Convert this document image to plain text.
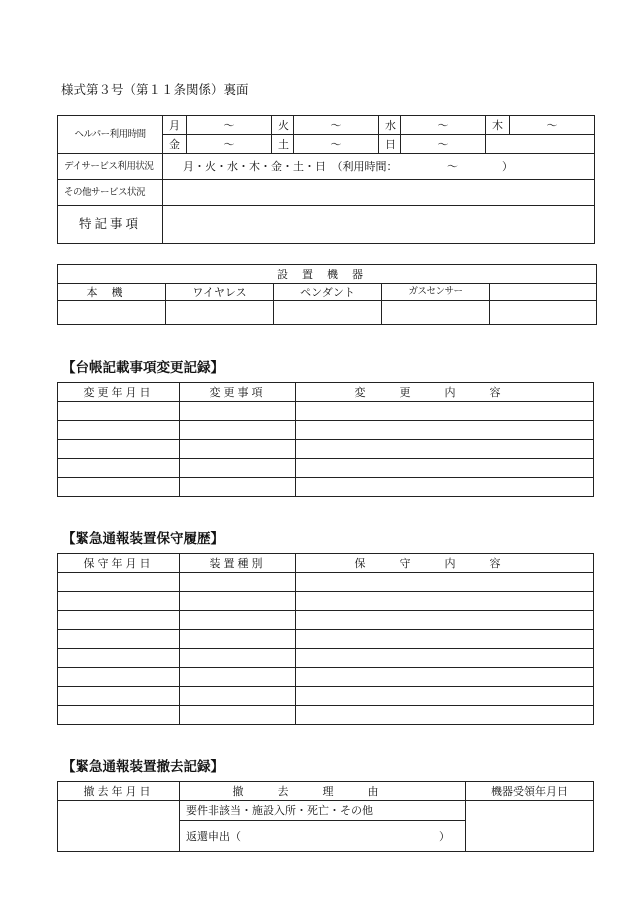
様式第３号（第１１条関係）裏面
ヘルパー利用時間	月	～	火	～	水	～	木	～
	金	～	土	～	日	～		
デイサービス利用状況	月・火・水・木・金・土・日　（利用時間：　　　　　～　　　　）							
その他サービス状況								
特記事項								
設置機器				
本機	ワイヤレス	ペンダント	ガスセンサー	

【台帳記載事項変更記録】
変更年月日	変更事項	変更内容

【緊急通報装置保守履歴】
保守年月日	装置種別	保守内容

【緊急通報装置撤去記録】
撤去年月日	撤去理由	機器受領年月日
	要件非該当・施設入所・死亡・その他	
	返還申出（　　　　　　　　　　　　　　　　　　）	
